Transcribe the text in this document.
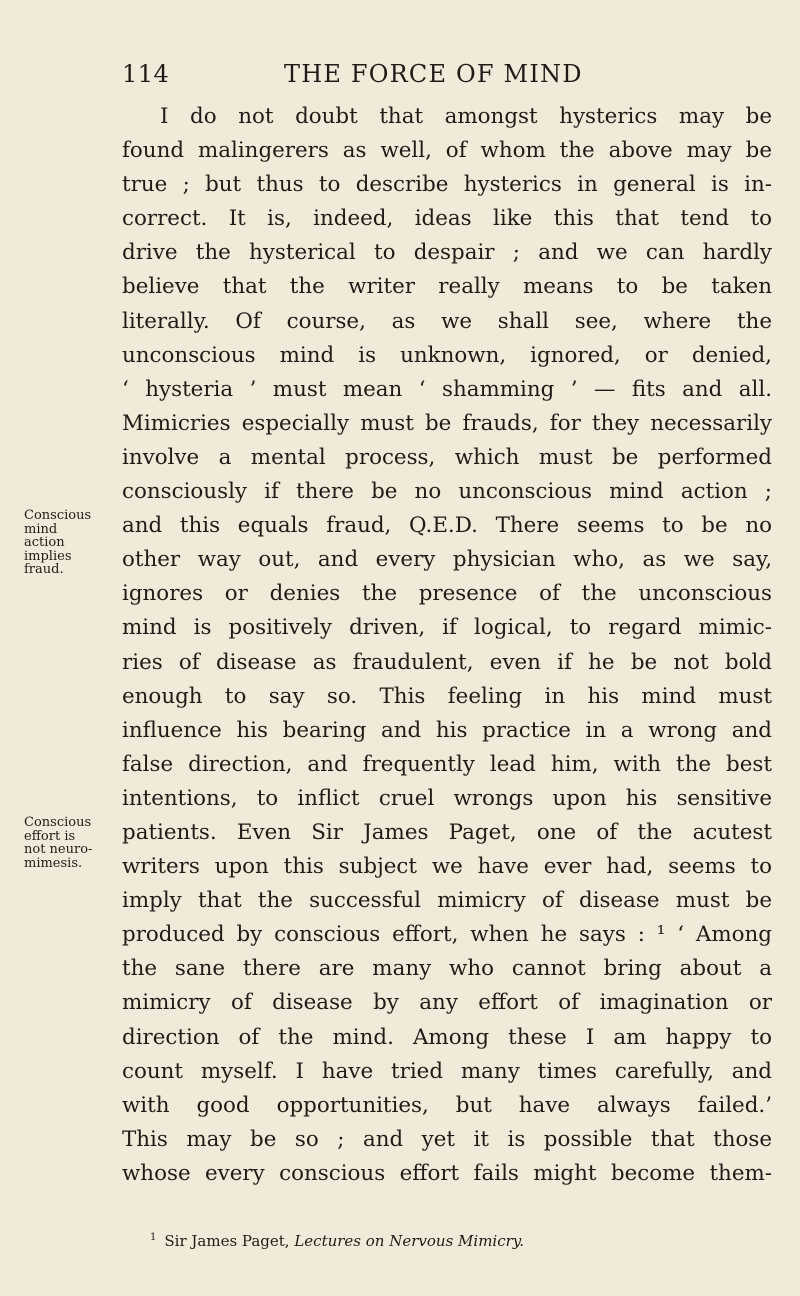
114	THE FORCE OF MIND
I do not doubt that amongst hysterics may be
found malingerers as well, of whom the above may be
true ; but thus to describe hysterics in general is in-
correct. It is, indeed, ideas like this that tend to
drive the hysterical to despair ; and we can hardly
believe that the writer really means to be taken
literally. Of course, as we shall see, where the
unconscious mind is unknown, ignored, or denied,
‘ hysteria ’ must mean ‘ shamming ’ — fits and all.
Mimicries especially must be frauds, for they necessarily
involve a mental process, which must be performed
consciously if there be no unconscious mind action ;
and this equals fraud, Q.E.D. There seems to be no
other way out, and every physician who, as we say,
ignores or denies the presence of the unconscious
mind is positively driven, if logical, to regard mimic-
ries of disease as fraudulent, even if he be not bold
enough to say so. This feeling in his mind must
influence his bearing and his practice in a wrong and
false direction, and frequently lead him, with the best
intentions, to inflict cruel wrongs upon his sensitive
patients. Even Sir James Paget, one of the acutest
writers upon this subject we have ever had, seems to
imply that the successful mimicry of disease must be
produced by conscious effort, when he says : ¹ ‘ Among
the sane there are many who cannot bring about a
mimicry of disease by any effort of imagination or
direction of the mind. Among these I am happy to
count myself. I have tried many times carefully, and
with good opportunities, but have always failed.’
This may be so ; and yet it is possible that those
whose every conscious effort fails might become them-
Conscious
mind
action
implies
fraud.
Conscious
effort is
not neuro-
mimesis.
$^1$ Sir James Paget, Lectures on Nervous Mimicry.
